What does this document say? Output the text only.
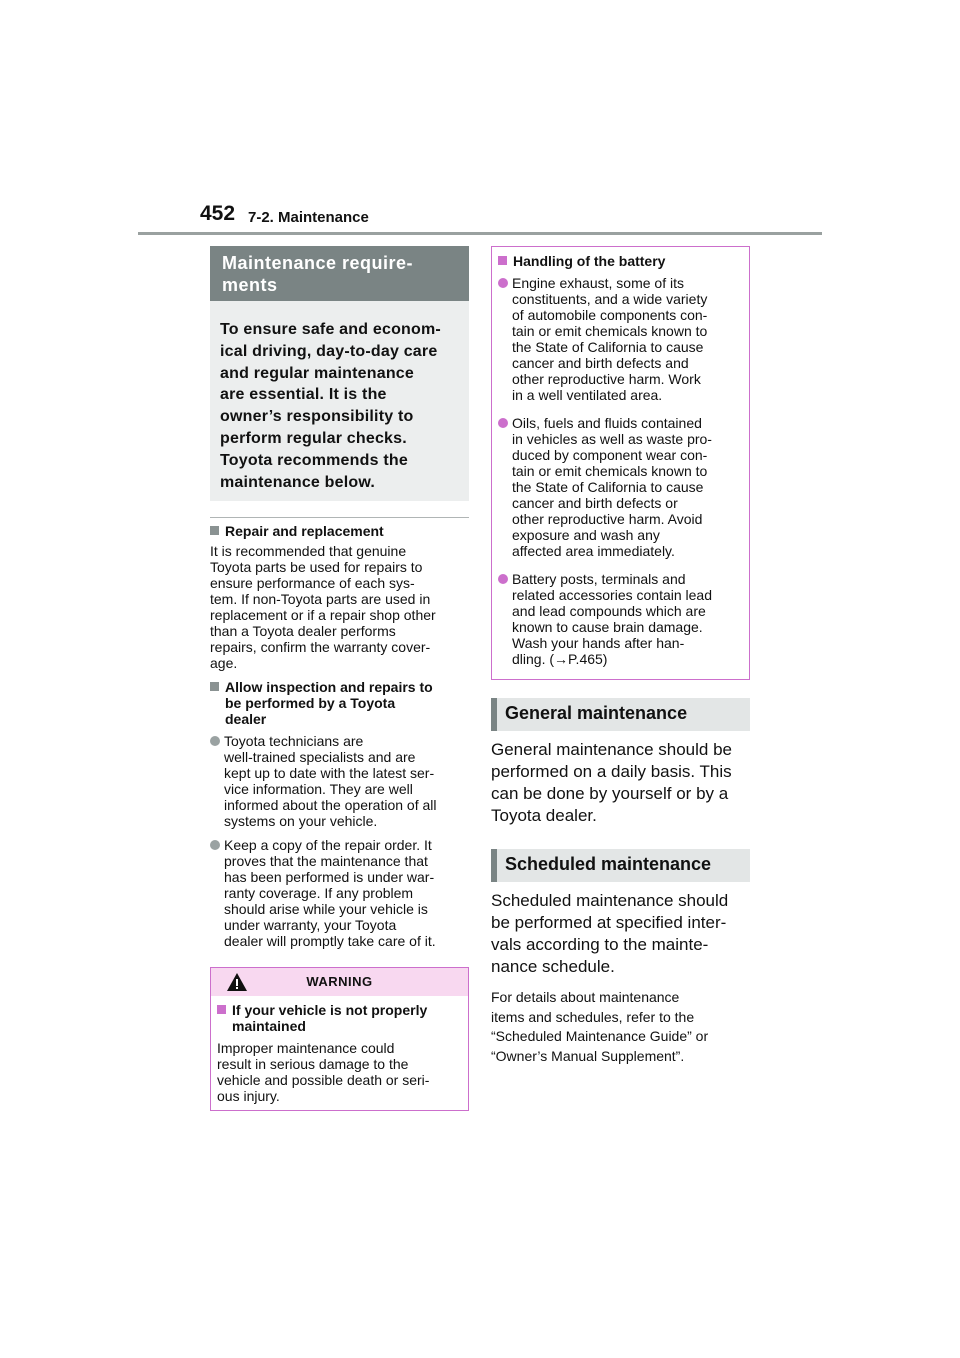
452 7-2. Maintenance
Maintenance require-
ments
To ensure safe and econom-
ical driving, day-to-day care
and regular maintenance
are essential. It is the
owner’s responsibility to
perform regular checks.
Toyota recommends the
maintenance below.
Repair and replacement
It is recommended that genuine
Toyota parts be used for repairs to
ensure performance of each sys-
tem. If non-Toyota parts are used in
replacement or if a repair shop other
than a Toyota dealer performs
repairs, confirm the warranty cover-
age.
Allow inspection and repairs to
be performed by a Toyota
dealer
Toyota technicians are
well-trained specialists and are
kept up to date with the latest ser-
vice information. They are well
informed about the operation of all
systems on your vehicle.
Keep a copy of the repair order. It
proves that the maintenance that
has been performed is under war-
ranty coverage. If any problem
should arise while your vehicle is
under warranty, your Toyota
dealer will promptly take care of it.
WARNING
If your vehicle is not properly
maintained
Improper maintenance could
result in serious damage to the
vehicle and possible death or seri-
ous injury.
Handling of the battery
Engine exhaust, some of its
constituents, and a wide variety
of automobile components con-
tain or emit chemicals known to
the State of California to cause
cancer and birth defects and
other reproductive harm. Work
in a well ventilated area.
Oils, fuels and fluids contained
in vehicles as well as waste pro-
duced by component wear con-
tain or emit chemicals known to
the State of California to cause
cancer and birth defects or
other reproductive harm. Avoid
exposure and wash any
affected area immediately.
Battery posts, terminals and
related accessories contain lead
and lead compounds which are
known to cause brain damage.
Wash your hands after han-
dling. (→P.465)
General maintenance
General maintenance should be
performed on a daily basis. This
can be done by yourself or by a
Toyota dealer.
Scheduled maintenance
Scheduled maintenance should
be performed at specified inter-
vals according to the mainte-
nance schedule.
For details about maintenance
items and schedules, refer to the
“Scheduled Maintenance Guide” or
“Owner’s Manual Supplement”.
